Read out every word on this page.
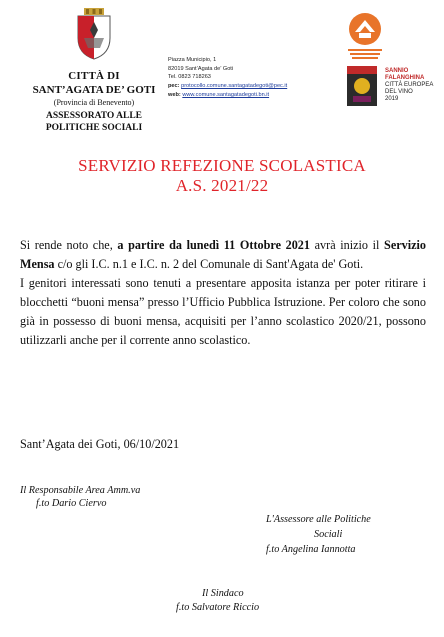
CITTÀ DI
SANT’AGATA DE’ GOTI
(Provincia di Benevento)
ASSESSORATO ALLE
POLITICHE SOCIALI
Piazza Municipio, 1
82019 Sant’Agata de’ Goti
Tel. 0823 718263
pec: protocollo.comune.santagatadegoti@pec.it
web: www.comune.santagatadegoti.bn.it
SANNIO
FALANGHINA
CITTÀ EUROPEA
DEL VINO
2019
SERVIZIO REFEZIONE SCOLASTICA
A.S. 2021/22

Si rende noto che, a partire da lunedì 11 Ottobre 2021 avrà inizio il Servizio Mensa c/o gli I.C. n.1 e I.C. n. 2 del Comunale di Sant'Agata de' Goti.

I genitori interessati sono tenuti a presentare apposita istanza per poter ritirare i blocchetti “buoni mensa” presso l’Ufficio Pubblica Istruzione. Per coloro che sono già in possesso di buoni mensa, acquisiti per l’anno scolastico 2020/21, possono utilizzarli anche per il corrente anno scolastico.

Sant’Agata dei Goti, 06/10/2021
Il Responsabile Area Amm.va
f.to Dario Ciervo
L'Assessore alle Politiche
Sociali
f.to Angelina Iannotta
Il Sindaco
f.to Salvatore Riccio
